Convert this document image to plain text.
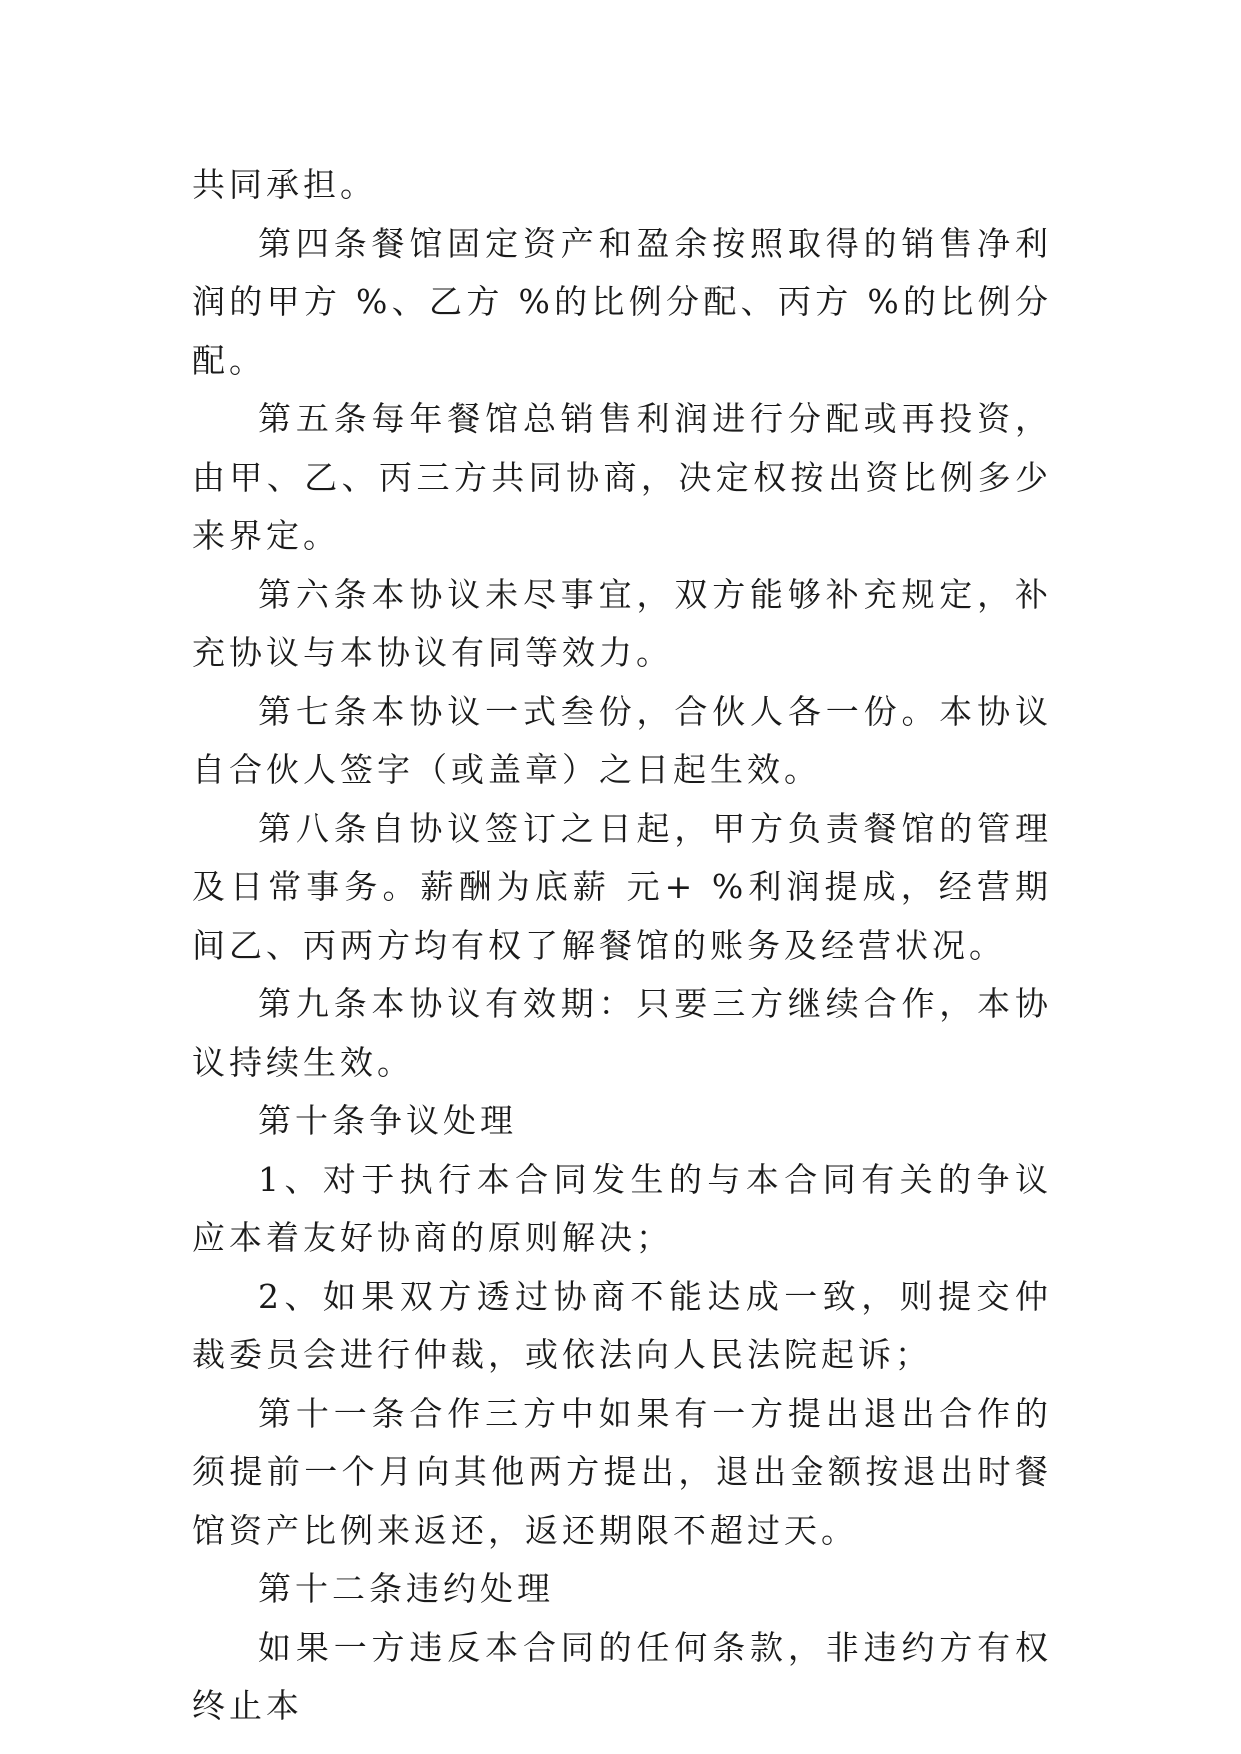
共同承担。

第四条餐馆固定资产和盈余按照取得的销售净利润的甲方 %、乙方 %的比例分配、丙方 %的比例分配。

第五条每年餐馆总销售利润进行分配或再投资，由甲、乙、丙三方共同协商，决定权按出资比例多少来界定。

第六条本协议未尽事宜，双方能够补充规定，补充协议与本协议有同等效力。

第七条本协议一式叁份，合伙人各一份。本协议自合伙人签字（或盖章）之日起生效。

第八条自协议签订之日起，甲方负责餐馆的管理及日常事务。薪酬为底薪 元+ %利润提成，经营期间乙、丙两方均有权了解餐馆的账务及经营状况。

第九条本协议有效期：只要三方继续合作，本协议持续生效。

第十条争议处理

1、对于执行本合同发生的与本合同有关的争议应本着友好协商的原则解决；

2、如果双方透过协商不能达成一致，则提交仲裁委员会进行仲裁，或依法向人民法院起诉；

第十一条合作三方中如果有一方提出退出合作的须提前一个月向其他两方提出，退出金额按退出时餐馆资产比例来返还，返还期限不超过天。

第十二条违约处理

如果一方违反本合同的任何条款，非违约方有权终止本
